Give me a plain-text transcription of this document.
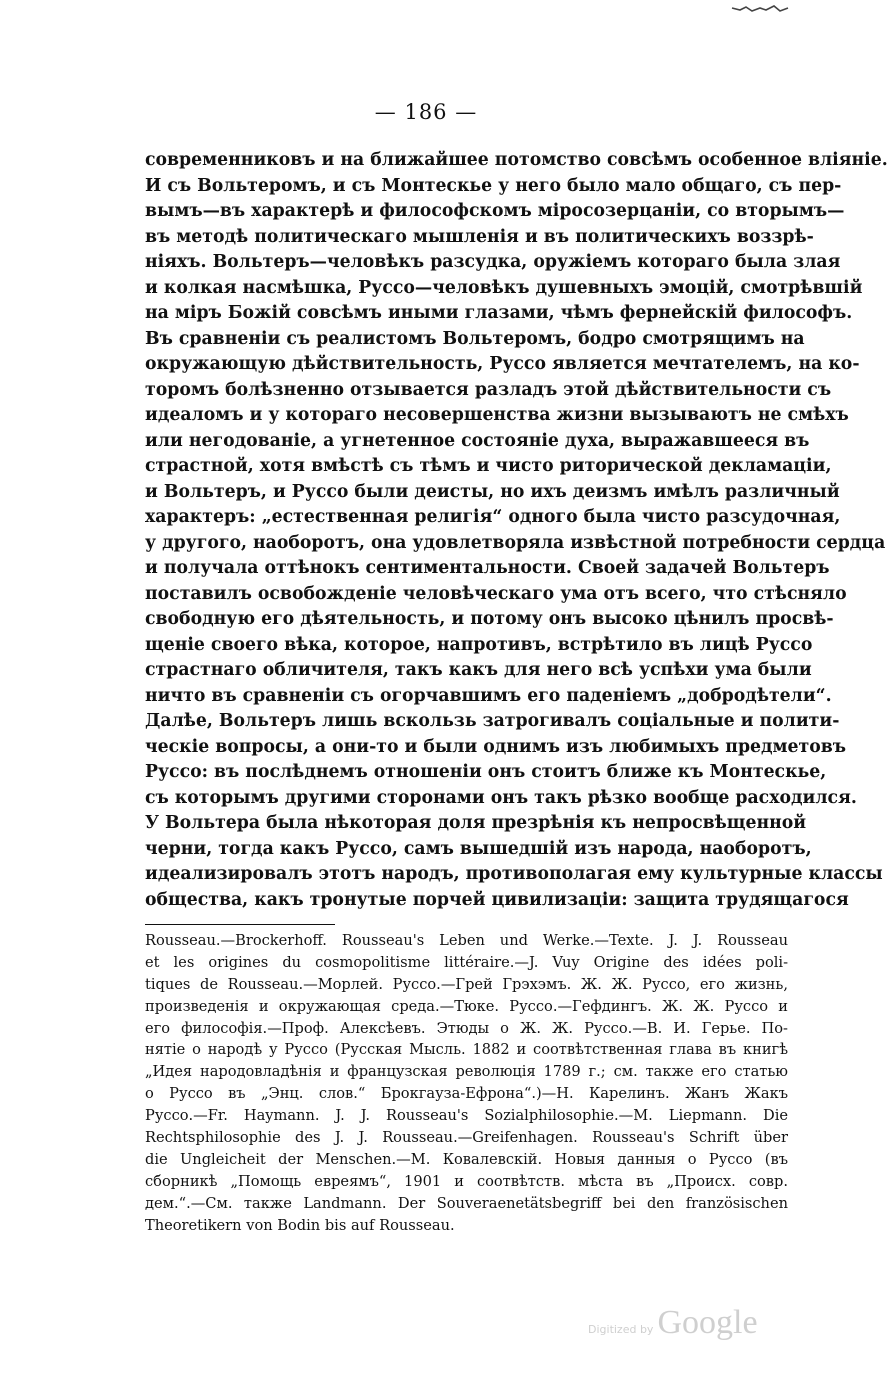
— 186 —
современниковъ и на ближайшее потомство совсѣмъ особенное вліяніе.
И съ Вольтеромъ, и съ Монтескье у него было мало общаго, съ пер-
вымъ—въ характерѣ и философскомъ міросозерцаніи, со вторымъ—
въ методѣ политическаго мышленія и въ политическихъ воззрѣ-
ніяхъ. Вольтеръ—человѣкъ разсудка, оружіемъ котораго была злая
и колкая насмѣшка, Руссо—человѣкъ душевныхъ эмоцій, смотрѣвшій
на міръ Божій совсѣмъ иными глазами, чѣмъ фернейскій философъ.
Въ сравненіи съ реалистомъ Вольтеромъ, бодро смотрящимъ на
окружающую дѣйствительность, Руссо является мечтателемъ, на ко-
торомъ болѣзненно отзывается разладъ этой дѣйствительности съ
идеаломъ и у котораго несовершенства жизни вызываютъ не смѣхъ
или негодованіе, а угнетенное состояніе духа, выражавшееся въ
страстной, хотя вмѣстѣ съ тѣмъ и чисто риторической декламаціи,
и Вольтеръ, и Руссо были деисты, но ихъ деизмъ имѣлъ различный
характеръ: „естественная религія“ одного была чисто разсудочная,
у другого, наоборотъ, она удовлетворяла извѣстной потребности сердца
и получала оттѣнокъ сентиментальности. Своей задачей Вольтеръ
поставилъ освобожденіе человѣческаго ума отъ всего, что стѣсняло
свободную его дѣятельность, и потому онъ высоко цѣнилъ просвѣ-
щеніе своего вѣка, которое, напротивъ, встрѣтило въ лицѣ Руссо
страстнаго обличителя, такъ какъ для него всѣ успѣхи ума были
ничто въ сравненіи съ огорчавшимъ его паденіемъ „добродѣтели“.
Далѣе, Вольтеръ лишь вскользь затрогивалъ соціальные и полити-
ческіе вопросы, а они-то и были однимъ изъ любимыхъ предметовъ
Руссо: въ послѣднемъ отношеніи онъ стоитъ ближе къ Монтескье,
съ которымъ другими сторонами онъ такъ рѣзко вообще расходился.
У Вольтера была нѣкоторая доля презрѣнія къ непросвѣщенной
черни, тогда какъ Руссо, самъ вышедшій изъ народа, наоборотъ,
идеализировалъ этотъ народъ, противополагая ему культурные классы
общества, какъ тронутые порчей цивилизаціи: защита трудящагося
Rousseau.—Brockerhoff. Rousseau's Leben und Werke.—Texte. J. J. Rousseau
et les origines du cosmopolitisme littéraire.—J. Vuy Origine des idées poli-
tiques de Rousseau.—Морлей. Руссо.—Грей Грэхэмъ. Ж. Ж. Руссо, его жизнь,
произведенія и окружающая среда.—Тюке. Руссо.—Гефдингъ. Ж. Ж. Руссо и
его философія.—Проф. Алексѣевъ. Этюды о Ж. Ж. Руссо.—В. И. Герье. По-
нятіе о народѣ у Руссо (Русская Мысль. 1882 и соотвѣтственная глава въ книгѣ
„Идея народовладѣнія и французская революція 1789 г.; см. также его статью
о Руссо въ „Энц. слов.“ Брокгауза-Ефрона“.)—Н. Карелинъ. Жанъ Жакъ
Руссо.—Fr. Haymann. J. J. Rousseau's Sozialphilosophie.—M. Liepmann. Die
Rechtsphilosophie des J. J. Rousseau.—Greifenhagen. Rousseau's Schrift über
die Ungleicheit der Menschen.—М. Ковалевскій. Новыя данныя о Руссо (въ
сборникѣ „Помощь евреямъ“, 1901 и соотвѣтств. мѣста въ „Происх. совр.
дем.“.—См. также Landmann. Der Souveraenetätsbegriff bei den französischen
Theoretikern von Bodin bis auf Rousseau.
Digitized by Google
